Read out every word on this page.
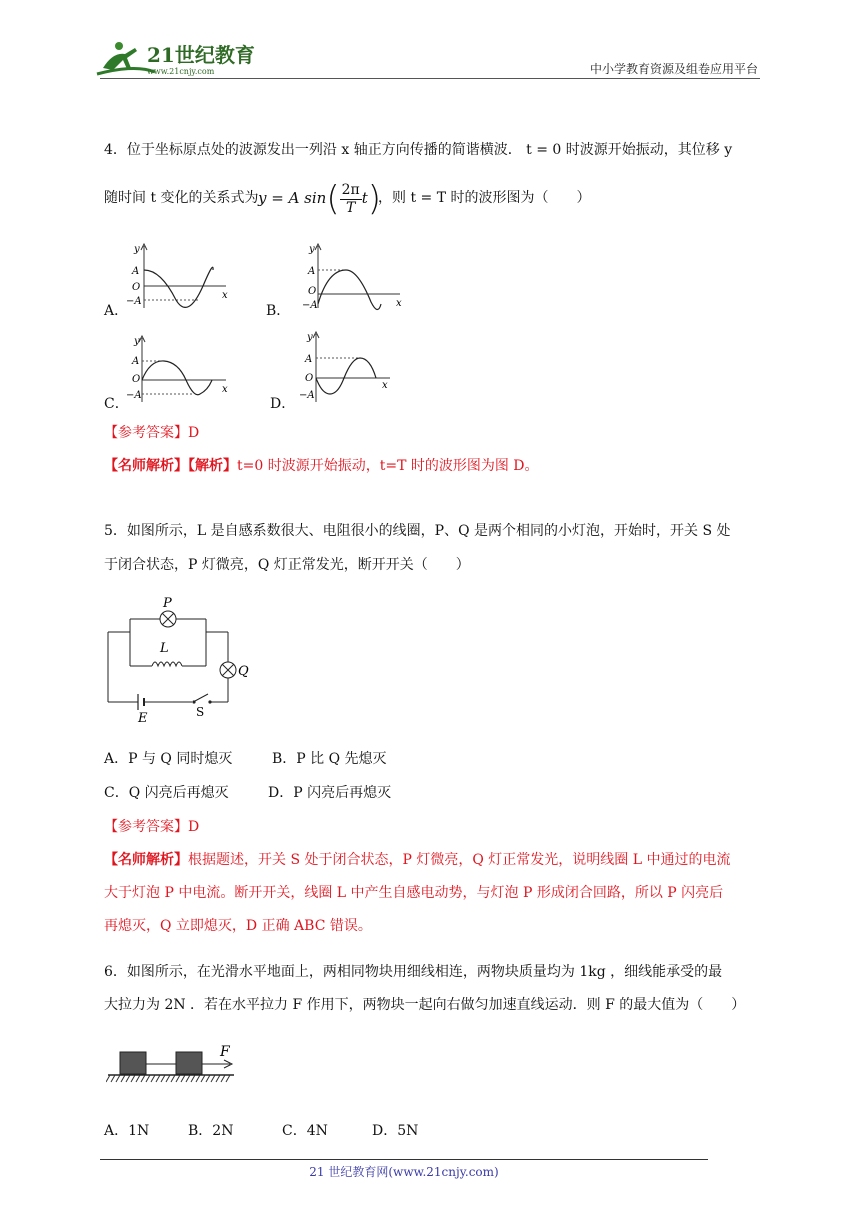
21世纪教育
www.21cnjy.com	中小学教育资源及组卷应用平台
4．位于坐标原点处的波源发出一列沿 x 轴正方向传播的简谐横波． t = 0 时波源开始振动，其位移 y
随时间 t 变化的关系式为 y = A $\sin( \frac{2\pi}{T} t)$
，则 t = T 时的波形图为（　　）
A．
y
x
A
O
−A
B．
y
x
A
O
−A
C．
y
x
A
O
−A
D．
y
x
A
O
−A
【参考答案】D
【名师解析】【解析】t=0 时波源开始振动，t=T 时的波形图为图 D。
5．如图所示，L 是自感系数很大、电阻很小的线圈，P、Q 是两个相同的小灯泡，开始时，开关 S 处
于闭合状态，P 灯微亮，Q 灯正常发光，断开开关（　　）
P
L
Q
E	S
A．P 与 Q 同时熄灭	B．P 比 Q 先熄灭
C．Q 闪亮后再熄灭	D．P 闪亮后再熄灭
【参考答案】D
【名师解析】根据题述，开关 S 处于闭合状态，P 灯微亮，Q 灯正常发光，说明线圈 L 中通过的电流
大于灯泡 P 中电流。断开开关，线圈 L 中产生自感电动势，与灯泡 P 形成闭合回路，所以 P 闪亮后
再熄灭，Q 立即熄灭，D 正确 ABC 错误。
6．如图所示，在光滑水平地面上，两相同物块用细线相连，两物块质量均为 1kg ，细线能承受的最
大拉力为 2N ．若在水平拉力 F 作用下，两物块一起向右做匀加速直线运动．则 F 的最大值为（　　）
F
A．1N	B．2N	C．4N	D．5N
21 世纪教育网(www.21cnjy.com)
